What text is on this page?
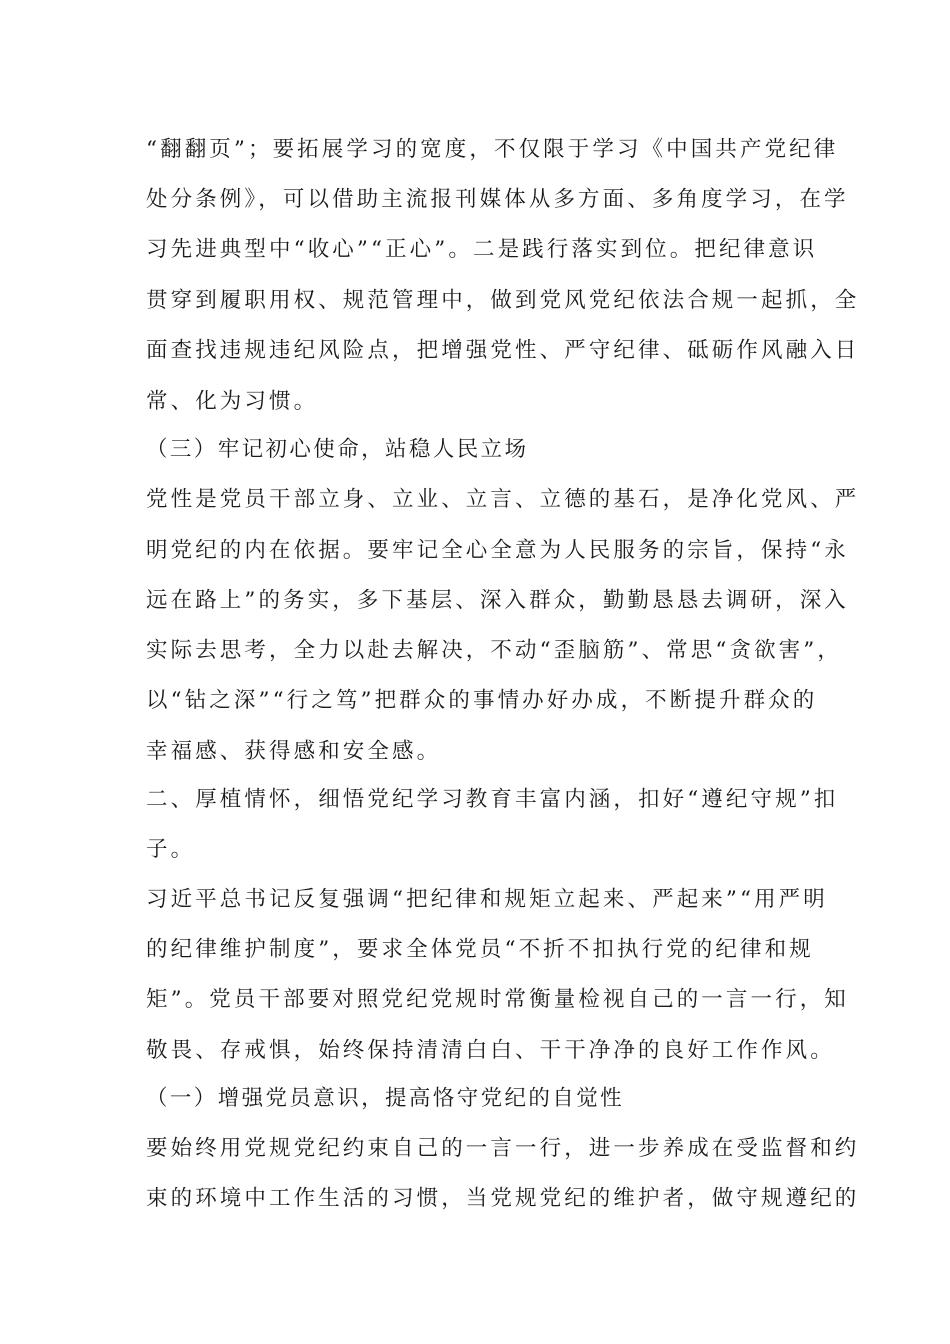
“翻翻页”；要拓展学习的宽度，不仅限于学习《中国共产党纪律
处分条例》，可以借助主流报刊媒体从多方面、多角度学习，在学
习先进典型中“收心”“正心”。二是践行落实到位。把纪律意识
贯穿到履职用权、规范管理中，做到党风党纪依法合规一起抓，全
面查找违规违纪风险点，把增强党性、严守纪律、砥砺作风融入日
常、化为习惯。
（三）牢记初心使命，站稳人民立场
党性是党员干部立身、立业、立言、立德的基石，是净化党风、严
明党纪的内在依据。要牢记全心全意为人民服务的宗旨，保持“永
远在路上”的务实，多下基层、深入群众，勤勤恳恳去调研，深入
实际去思考，全力以赴去解决，不动“歪脑筋”、常思“贪欲害”，
以“钻之深”“行之笃”把群众的事情办好办成，不断提升群众的
幸福感、获得感和安全感。
二、厚植情怀，细悟党纪学习教育丰富内涵，扣好“遵纪守规”扣
子。
习近平总书记反复强调“把纪律和规矩立起来、严起来”“用严明
的纪律维护制度”，要求全体党员“不折不扣执行党的纪律和规
矩”。党员干部要对照党纪党规时常衡量检视自己的一言一行，知
敬畏、存戒惧，始终保持清清白白、干干净净的良好工作作风。
（一）增强党员意识，提高恪守党纪的自觉性
要始终用党规党纪约束自己的一言一行，进一步养成在受监督和约
束的环境中工作生活的习惯，当党规党纪的维护者，做守规遵纪的
